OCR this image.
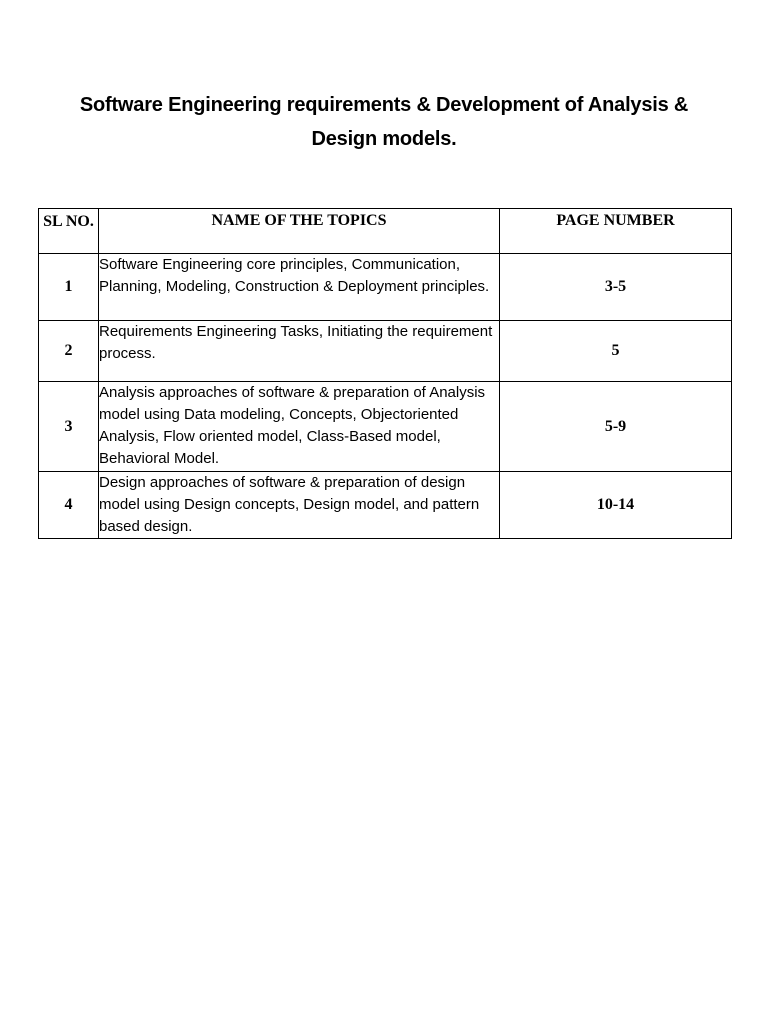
Software Engineering requirements & Development of Analysis &
Design models.
SL NO.	NAME OF THE TOPICS	PAGE NUMBER
1	Software Engineering core principles, Communication, Planning, Modeling, Construction & Deployment principles.	3-5
2	Requirements Engineering Tasks, Initiating the requirement process.	5
3	Analysis approaches of software & preparation of Analysis model using Data modeling, Concepts, Objectoriented Analysis, Flow oriented model, Class-Based model, Behavioral Model.	5-9
4	Design approaches of software & preparation of design model using Design concepts, Design model, and pattern based design.	10-14
